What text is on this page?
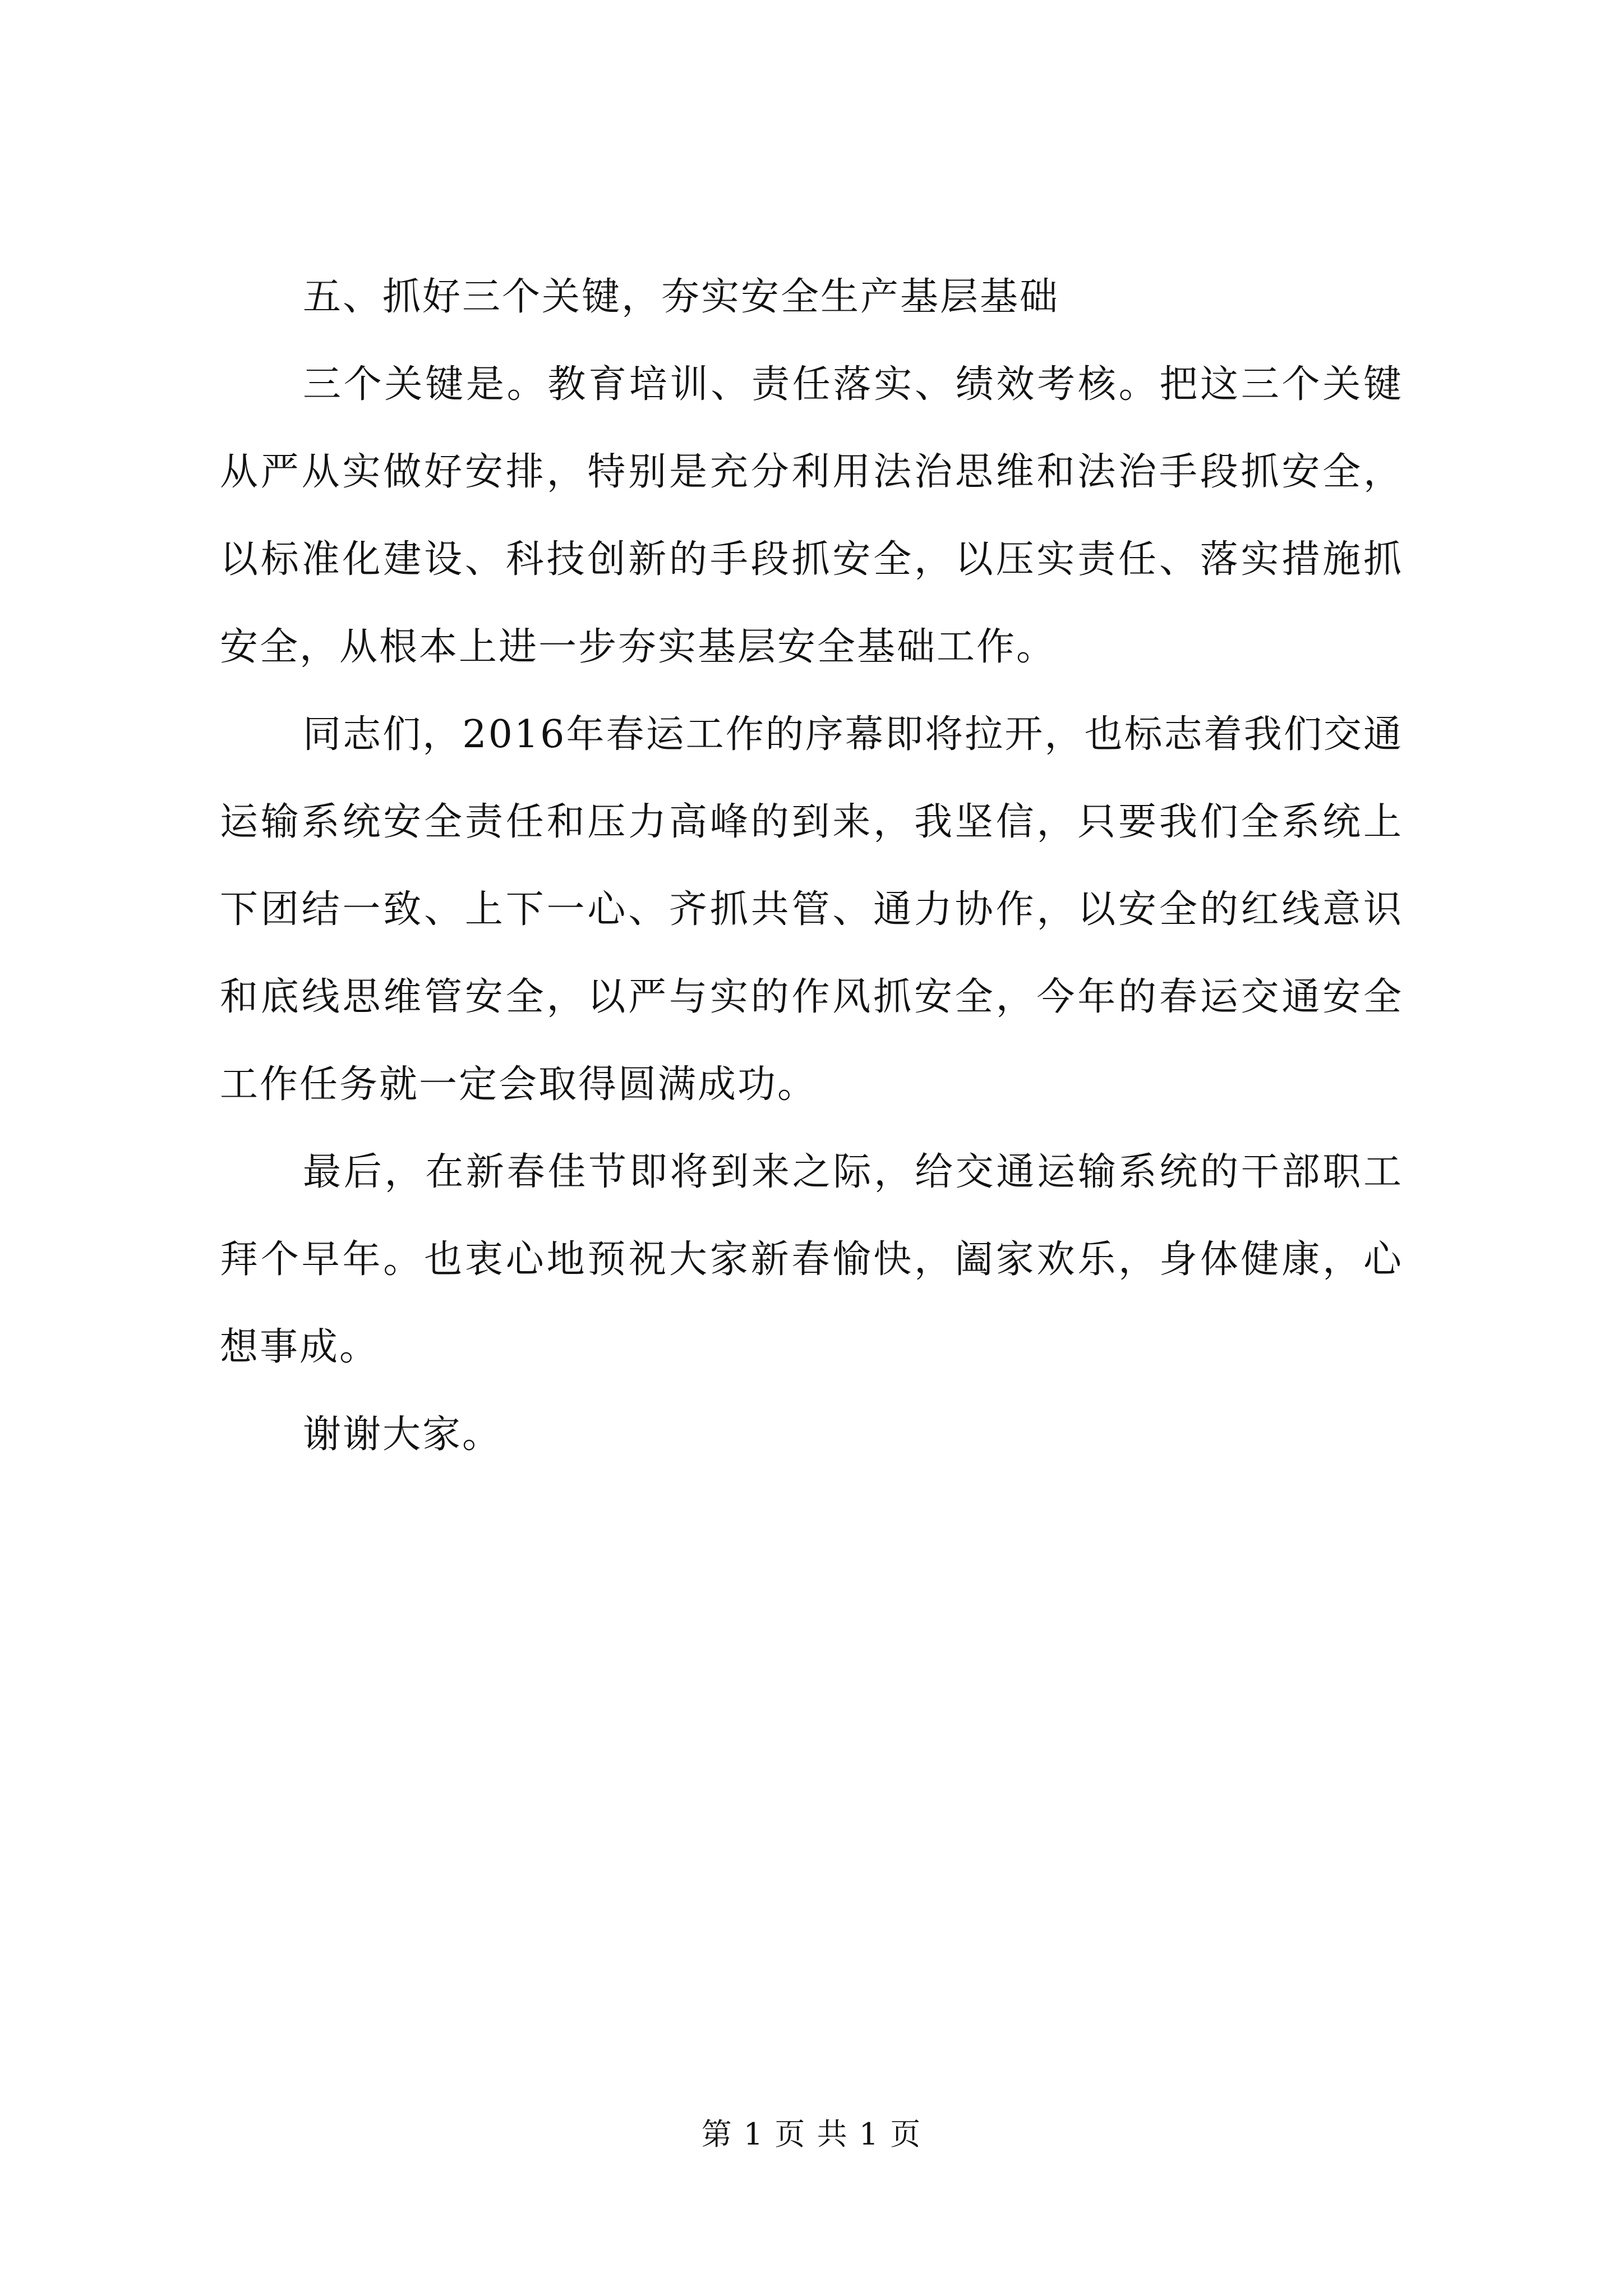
五、抓好三个关键，夯实安全生产基层基础

三个关键是。教育培训、责任落实、绩效考核。把这三个关键从严从实做好安排，特别是充分利用法治思维和法治手段抓安全，以标准化建设、科技创新的手段抓安全，以压实责任、落实措施抓安全，从根本上进一步夯实基层安全基础工作。

同志们，2016年春运工作的序幕即将拉开，也标志着我们交通运输系统安全责任和压力高峰的到来，我坚信，只要我们全系统上下团结一致、上下一心、齐抓共管、通力协作，以安全的红线意识和底线思维管安全，以严与实的作风抓安全，今年的春运交通安全工作任务就一定会取得圆满成功。

最后，在新春佳节即将到来之际，给交通运输系统的干部职工拜个早年。也衷心地预祝大家新春愉快，阖家欢乐，身体健康，心想事成。

谢谢大家。

第 1 页 共 1 页
